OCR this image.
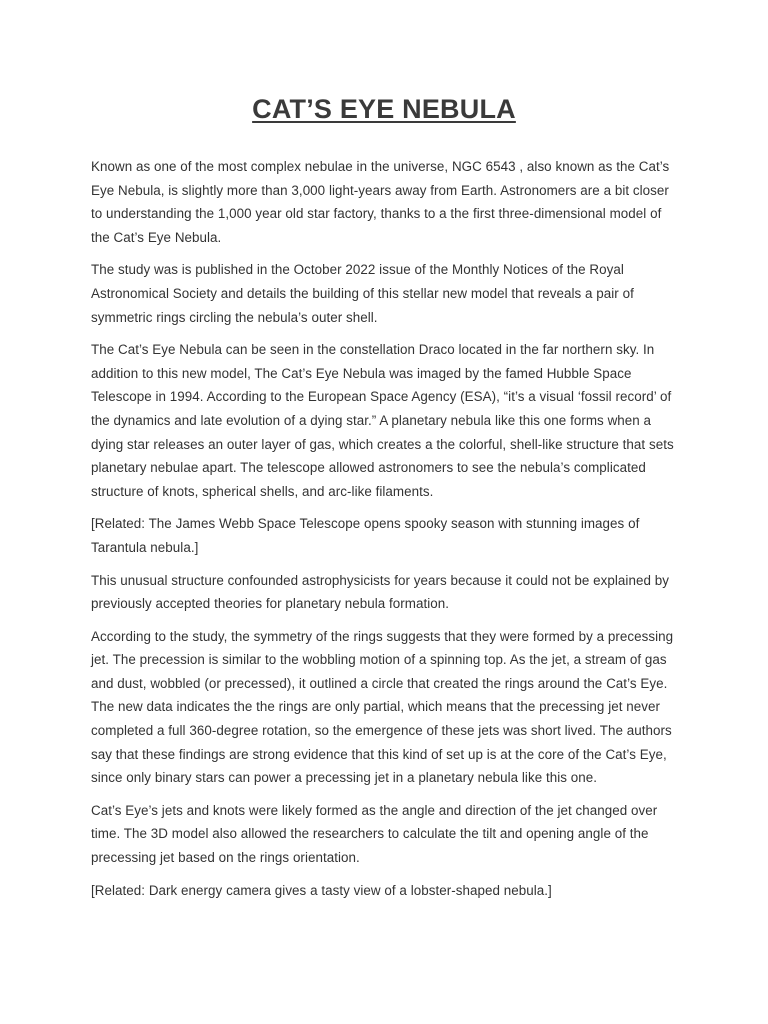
CAT’S EYE NEBULA

Known as one of the most complex nebulae in the universe, NGC 6543 , also known as the Cat’s Eye Nebula, is slightly more than 3,000 light-years away from Earth. Astronomers are a bit closer to understanding the 1,000 year old star factory, thanks to a the first three-dimensional model of the Cat’s Eye Nebula.

The study was is published in the October 2022 issue of the Monthly Notices of the Royal Astronomical Society and details the building of this stellar new model that reveals a pair of symmetric rings circling the nebula’s outer shell.

The Cat’s Eye Nebula can be seen in the constellation Draco located in the far northern sky. In addition to this new model, The Cat’s Eye Nebula was imaged by the famed Hubble Space Telescope in 1994. According to the European Space Agency (ESA), “it’s a visual ‘fossil record’ of the dynamics and late evolution of a dying star.” A planetary nebula like this one forms when a dying star releases an outer layer of gas, which creates a the colorful, shell-like structure that sets planetary nebulae apart. The telescope allowed astronomers to see the nebula’s complicated structure of knots, spherical shells, and arc-like filaments.

[Related: The James Webb Space Telescope opens spooky season with stunning images of Tarantula nebula.]

This unusual structure confounded astrophysicists for years because it could not be explained by previously accepted theories for planetary nebula formation.

According to the study, the symmetry of the rings suggests that they were formed by a precessing jet. The precession is similar to the wobbling motion of a spinning top. As the jet, a stream of gas and dust, wobbled (or precessed), it outlined a circle that created the rings around the Cat’s Eye. The new data indicates the the rings are only partial, which means that the precessing jet never completed a full 360-degree rotation, so the emergence of these jets was short lived. The authors say that these findings are strong evidence that this kind of set up is at the core of the Cat’s Eye, since only binary stars can power a precessing jet in a planetary nebula like this one.

Cat’s Eye’s jets and knots were likely formed as the angle and direction of the jet changed over time. The 3D model also allowed the researchers to calculate the tilt and opening angle of the precessing jet based on the rings orientation.

[Related: Dark energy camera gives a tasty view of a lobster-shaped nebula.]
